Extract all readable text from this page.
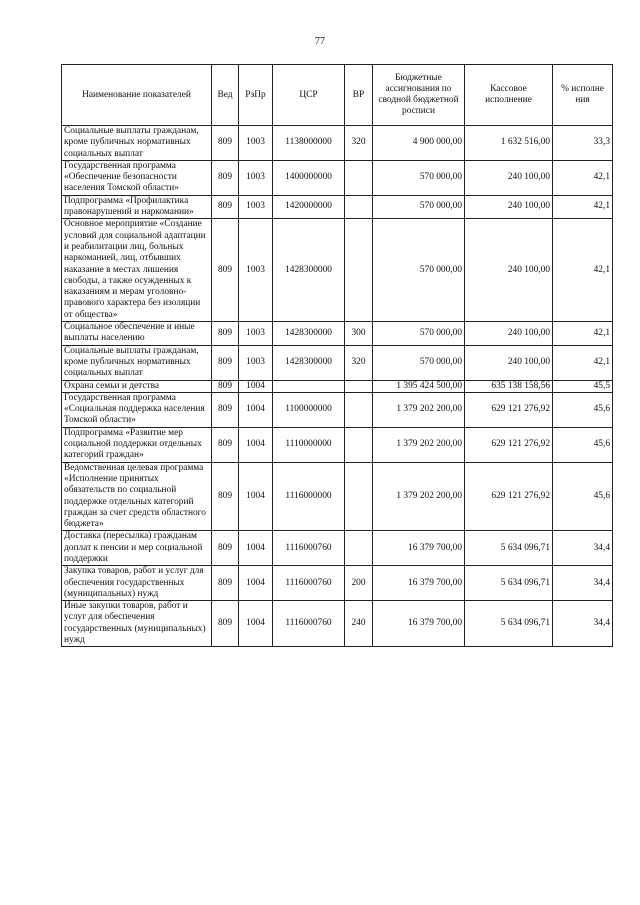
77
Наименование показателей	Вед	РзПр	ЦСР	ВР	Бюджетные ассигнования по сводной бюджетной росписи	Кассовое исполнение	% исполне ния
Социальные выплаты гражданам, кроме публичных нормативных социальных выплат	809	1003	1138000000	320	4 900 000,00	1 632 516,00	33,3
Государственная программа «Обеспечение безопасности населения Томской области»	809	1003	1400000000		570 000,00	240 100,00	42,1
Подпрограмма «Профилактика правонарушений и наркомании»	809	1003	1420000000		570 000,00	240 100,00	42,1
Основное мероприятие «Создание условий для социальной адаптации и реабилитации лиц, больных наркоманией, лиц, отбывших наказание в местах лишения свободы, а также осужденных к наказаниям и мерам уголовно-правового характера без изоляции от общества»	809	1003	1428300000		570 000,00	240 100,00	42,1
Социальное обеспечение и иные выплаты населению	809	1003	1428300000	300	570 000,00	240 100,00	42,1
Социальные выплаты гражданам, кроме публичных нормативных социальных выплат	809	1003	1428300000	320	570 000,00	240 100,00	42,1
Охрана семьи и детства	809	1004			1 395 424 500,00	635 138 158,56	45,5
Государственная программа «Социальная поддержка населения Томской области»	809	1004	1100000000		1 379 202 200,00	629 121 276,92	45,6
Подпрограмма «Развитие мер социальной поддержки отдельных категорий граждан»	809	1004	1110000000		1 379 202 200,00	629 121 276,92	45,6
Ведомственная целевая программа «Исполнение принятых обязательств по социальной поддержке отдельных категорий граждан за счет средств областного бюджета»	809	1004	1116000000		1 379 202 200,00	629 121 276,92	45,6
Доставка (пересылка) гражданам доплат к пенсии и мер социальной поддержки	809	1004	1116000760		16 379 700,00	5 634 096,71	34,4
Закупка товаров, работ и услуг для обеспечения государственных (муниципальных) нужд	809	1004	1116000760	200	16 379 700,00	5 634 096,71	34,4
Иные закупки товаров, работ и услуг для обеспечения государственных (муниципальных) нужд	809	1004	1116000760	240	16 379 700,00	5 634 096,71	34,4
